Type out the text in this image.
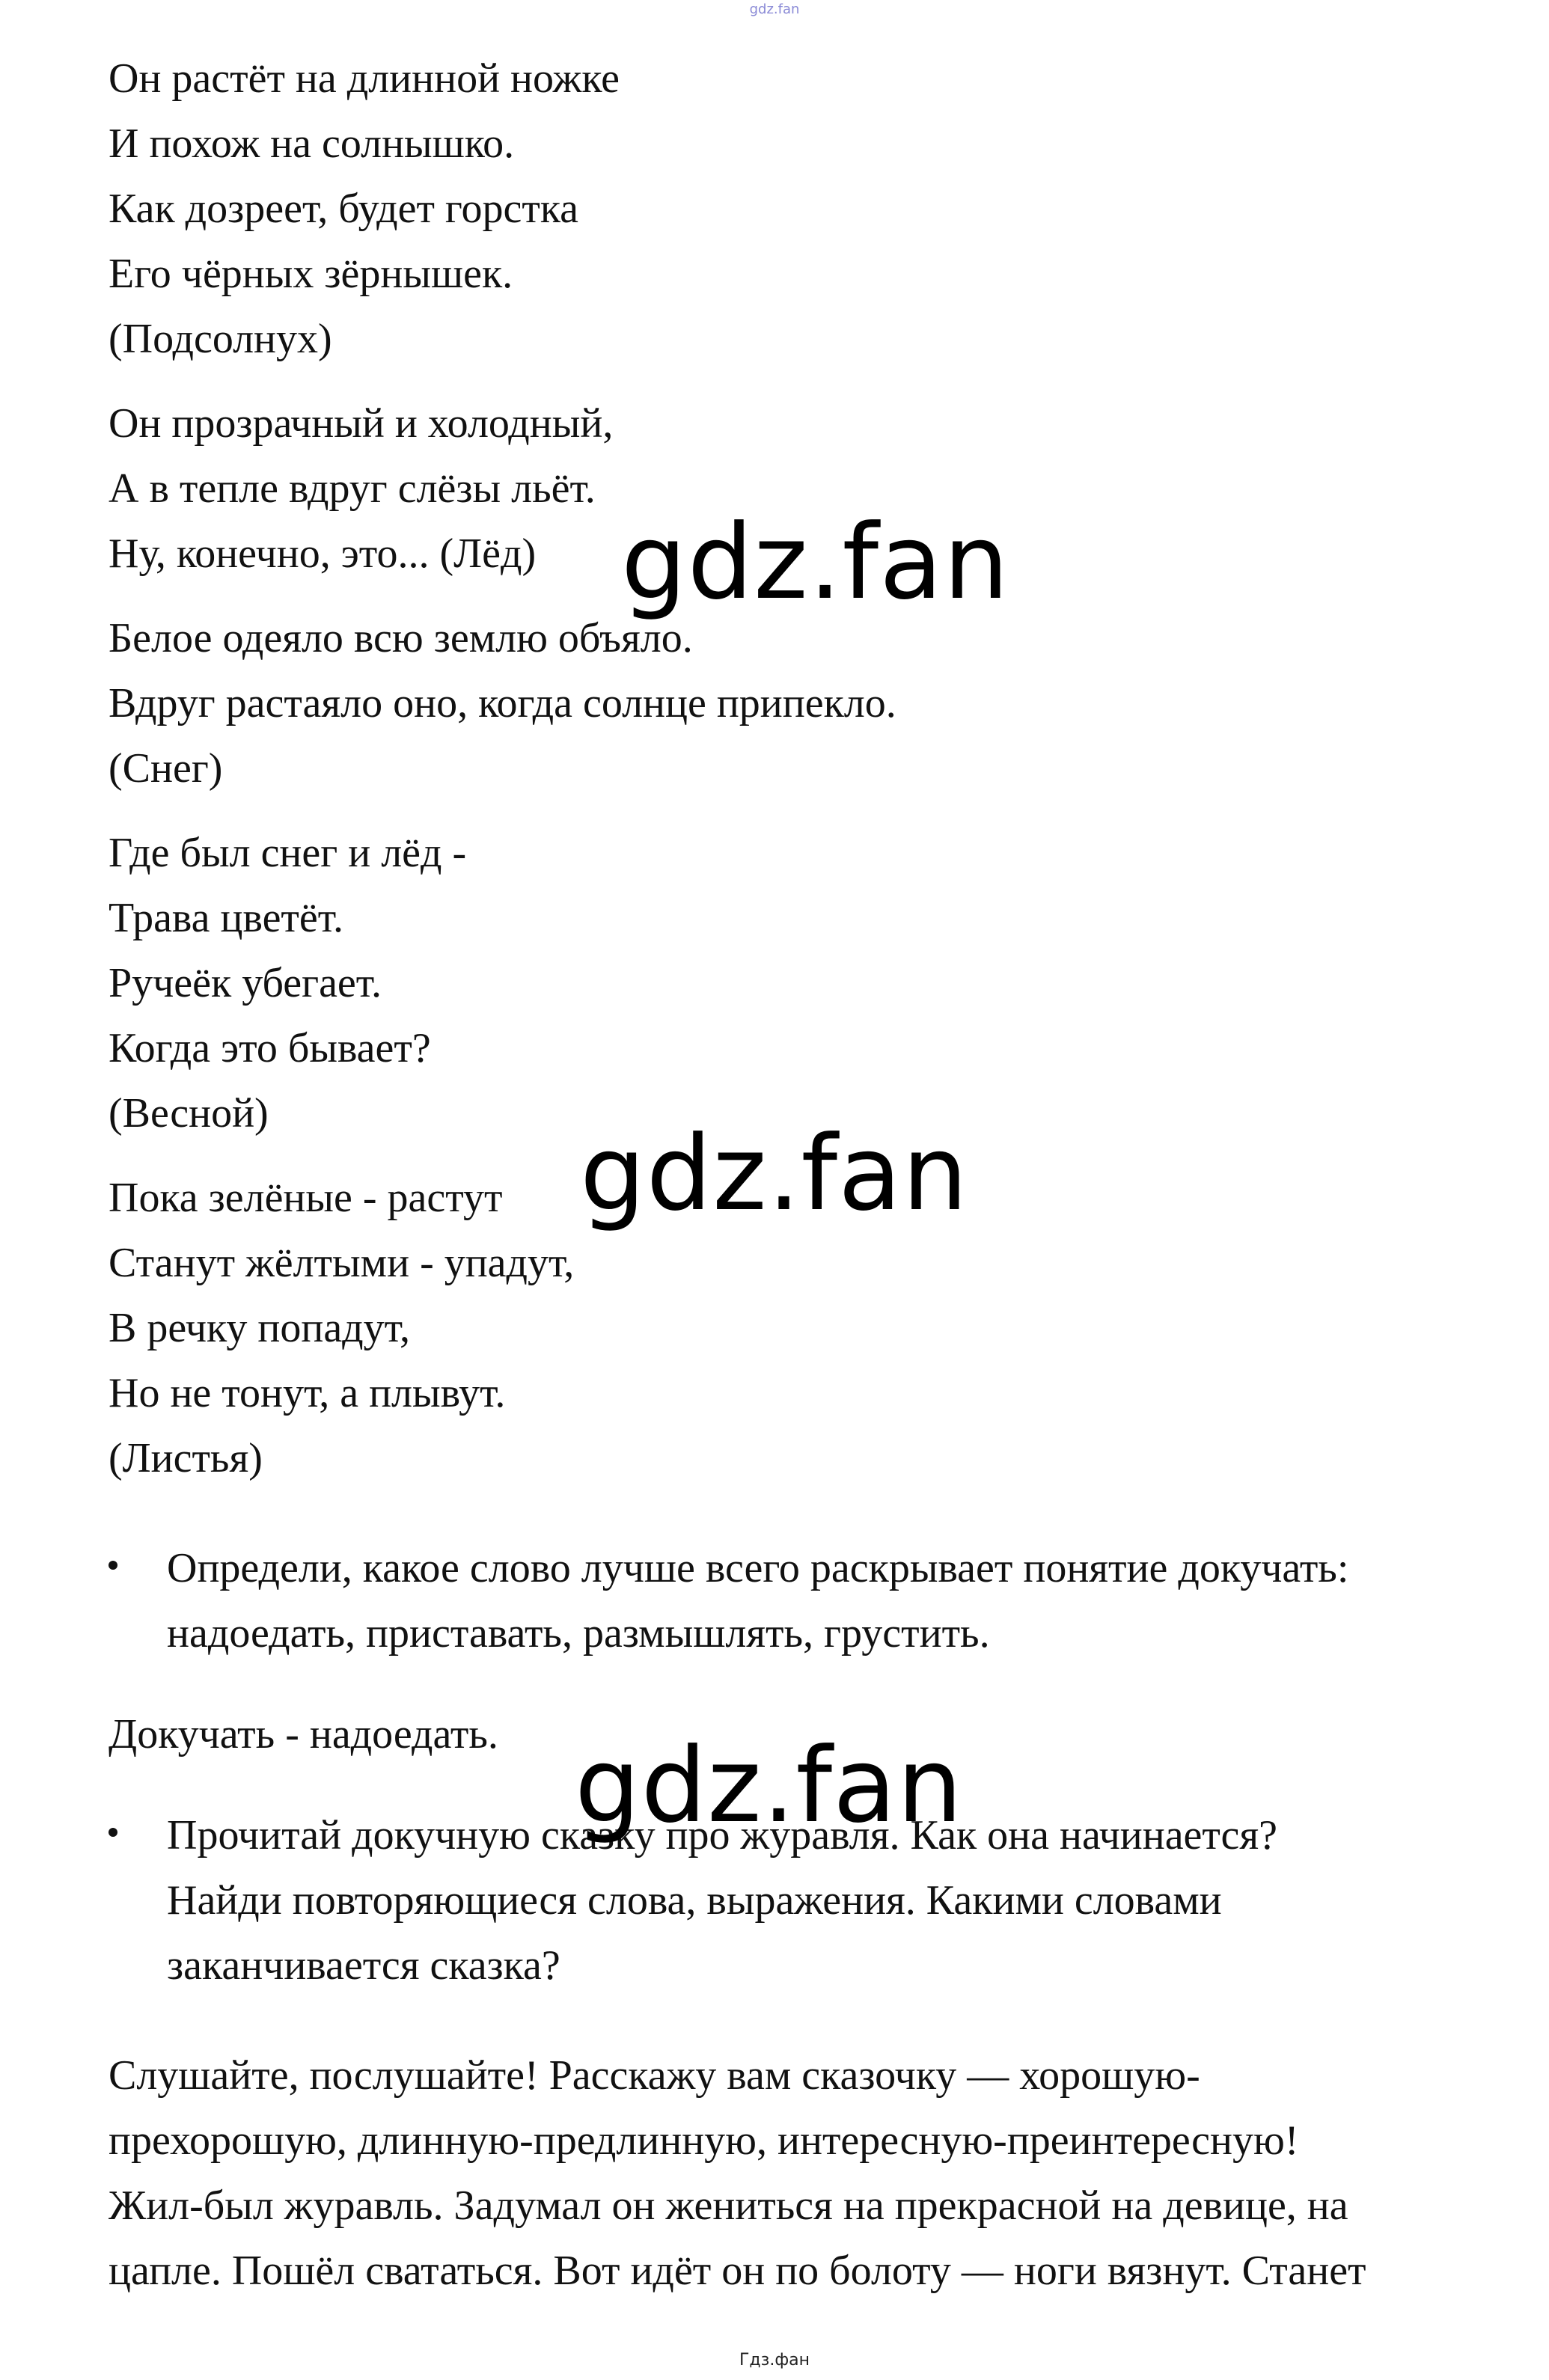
gdz.fan
Он растёт на длинной ножке
И похож на солнышко.
Как дозреет, будет горстка
Его чёрных зёрнышек.
(Подсолнух)
Он прозрачный и холодный,
А в тепле вдруг слёзы льёт.
Ну, конечно, это... (Лёд)
Белое одеяло всю землю объяло.
Вдруг растаяло оно, когда солнце припекло.
(Снег)
Где был снег и лёд -
Трава цветёт.
Ручеёк убегает.
Когда это бывает?
(Весной)
Пока зелёные - растут
Станут жёлтыми - упадут,
В речку попадут,
Но не тонут, а плывут.
(Листья)
Определи, какое слово лучше всего раскрывает понятие докучать:
надоедать, приставать, размышлять, грустить.
Докучать - надоедать.
Прочитай докучную сказку про журавля. Как она начинается?
Найди повторяющиеся слова, выражения. Какими словами
заканчивается сказка?
Слушайте, послушайте! Расскажу вам сказочку — хорошую-
прехорошую, длинную-предлинную, интересную-преинтересную!
Жил-был журавль. Задумал он жениться на прекрасной на девице, на
цапле. Пошёл свататься. Вот идёт он по болоту — ноги вязнут. Станет
gdz.fan
gdz.fan
gdz.fan
Гдз.фан
